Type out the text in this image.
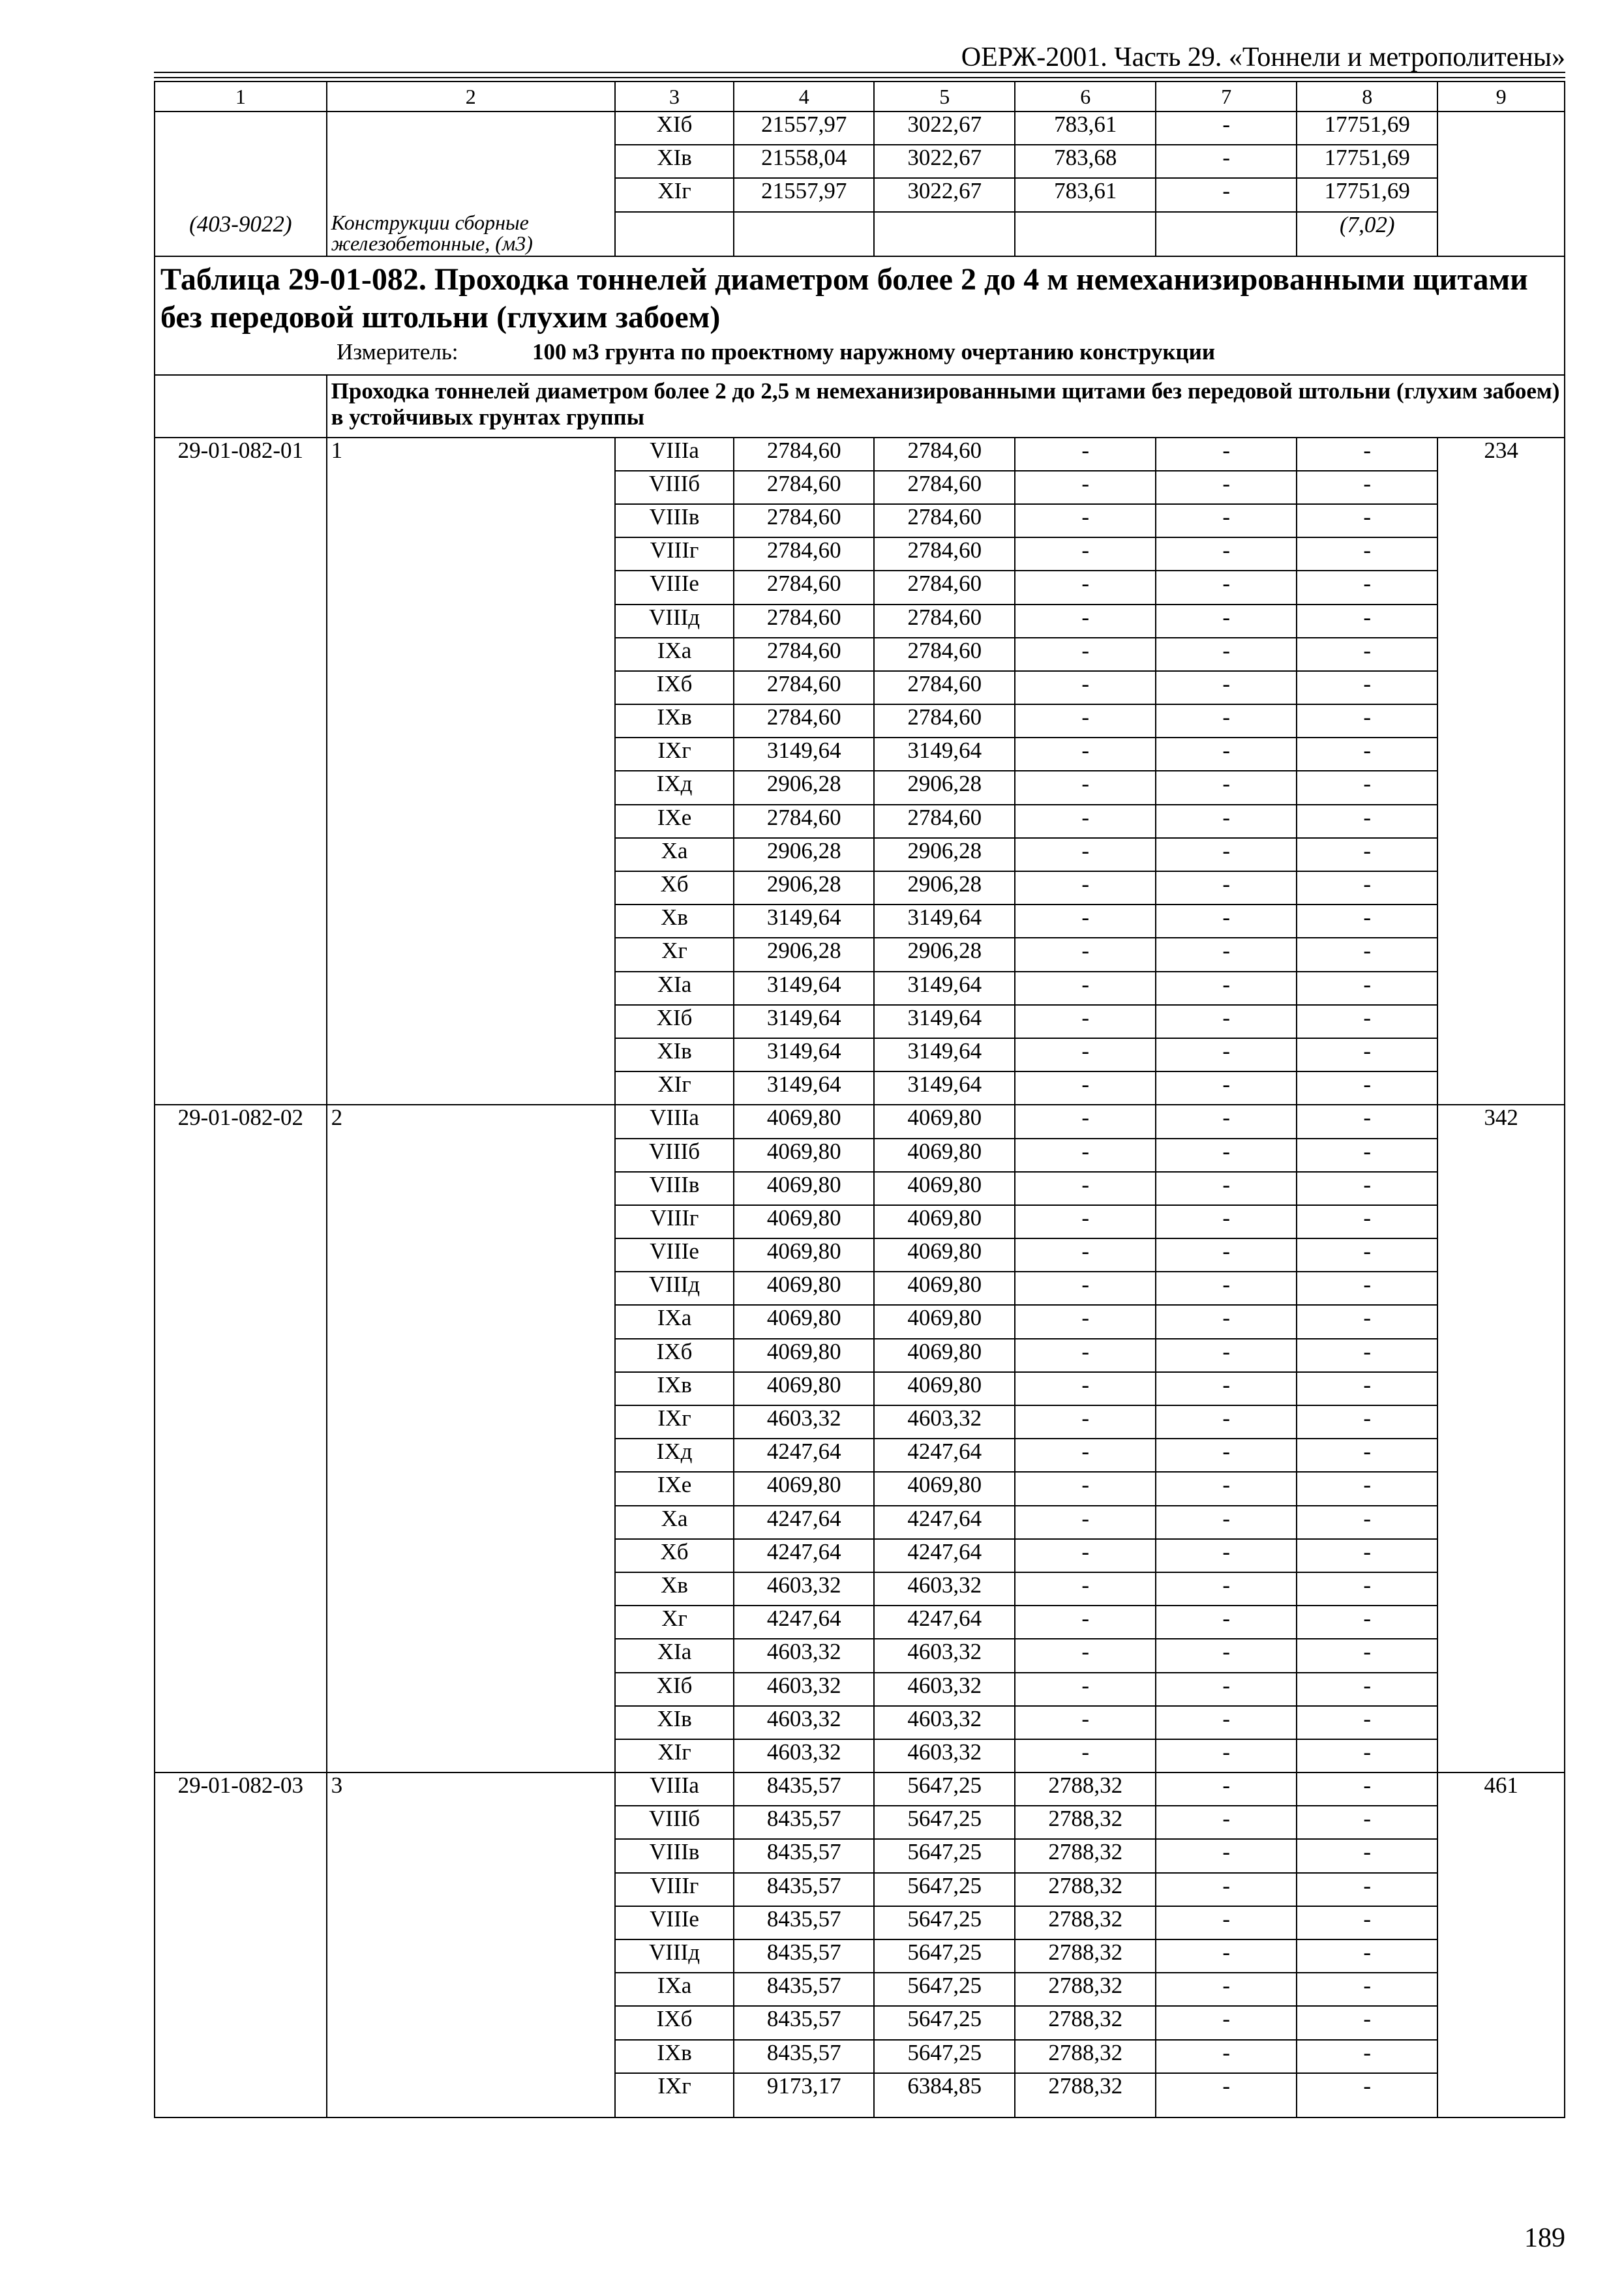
ОЕРЖ-2001. Часть 29. «Тоннели и метрополитены»
1	2	3	4	5	6	7	8	9
		XIб	21557,97	3022,67	783,61	-	17751,69	
		XIв	21558,04	3022,67	783,68	-	17751,69	
		XIг	21557,97	3022,67	783,61	-	17751,69	
(403-9022)	Конструкции сборные железобетонные, (м3)						(7,02)	

Таблица 29-01-082. Проходка тоннелей диаметром более 2 до 4 м немеханизированными щитами без передовой штольни (глухим забоем)
Измеритель: 100 м3 грунта по проектному наружному очертанию конструкции								

	Проходка тоннелей диаметром более 2 до 2,5 м немеханизированными щитами без передовой штольни (глухим забоем) в устойчивых грунтах группы							
29-01-082-01	1	VIIIа	2784,60	2784,60	-	-	-	234
		VIIIб	2784,60	2784,60	-	-	-	
		VIIIв	2784,60	2784,60	-	-	-	
		VIIIг	2784,60	2784,60	-	-	-	
		VIIIе	2784,60	2784,60	-	-	-	
		VIIIд	2784,60	2784,60	-	-	-	
		IXа	2784,60	2784,60	-	-	-	
		IXб	2784,60	2784,60	-	-	-	
		IXв	2784,60	2784,60	-	-	-	
		IXг	3149,64	3149,64	-	-	-	
		IXд	2906,28	2906,28	-	-	-	
		IXе	2784,60	2784,60	-	-	-	
		Xа	2906,28	2906,28	-	-	-	
		Xб	2906,28	2906,28	-	-	-	
		Xв	3149,64	3149,64	-	-	-	
		Xг	2906,28	2906,28	-	-	-	
		XIа	3149,64	3149,64	-	-	-	
		XIб	3149,64	3149,64	-	-	-	
		XIв	3149,64	3149,64	-	-	-	
		XIг	3149,64	3149,64	-	-	-	
29-01-082-02	2	VIIIа	4069,80	4069,80	-	-	-	342
		VIIIб	4069,80	4069,80	-	-	-	
		VIIIв	4069,80	4069,80	-	-	-	
		VIIIг	4069,80	4069,80	-	-	-	
		VIIIе	4069,80	4069,80	-	-	-	
		VIIIд	4069,80	4069,80	-	-	-	
		IXа	4069,80	4069,80	-	-	-	
		IXб	4069,80	4069,80	-	-	-	
		IXв	4069,80	4069,80	-	-	-	
		IXг	4603,32	4603,32	-	-	-	
		IXд	4247,64	4247,64	-	-	-	
		IXе	4069,80	4069,80	-	-	-	
		Xа	4247,64	4247,64	-	-	-	
		Xб	4247,64	4247,64	-	-	-	
		Xв	4603,32	4603,32	-	-	-	
		Xг	4247,64	4247,64	-	-	-	
		XIа	4603,32	4603,32	-	-	-	
		XIб	4603,32	4603,32	-	-	-	
		XIв	4603,32	4603,32	-	-	-	
		XIг	4603,32	4603,32	-	-	-	
29-01-082-03	3	VIIIа	8435,57	5647,25	2788,32	-	-	461
		VIIIб	8435,57	5647,25	2788,32	-	-	
		VIIIв	8435,57	5647,25	2788,32	-	-	
		VIIIг	8435,57	5647,25	2788,32	-	-	
		VIIIе	8435,57	5647,25	2788,32	-	-	
		VIIIд	8435,57	5647,25	2788,32	-	-	
		IXа	8435,57	5647,25	2788,32	-	-	
		IXб	8435,57	5647,25	2788,32	-	-	
		IXв	8435,57	5647,25	2788,32	-	-	
		IXг	9173,17	6384,85	2788,32	-	-	
189
